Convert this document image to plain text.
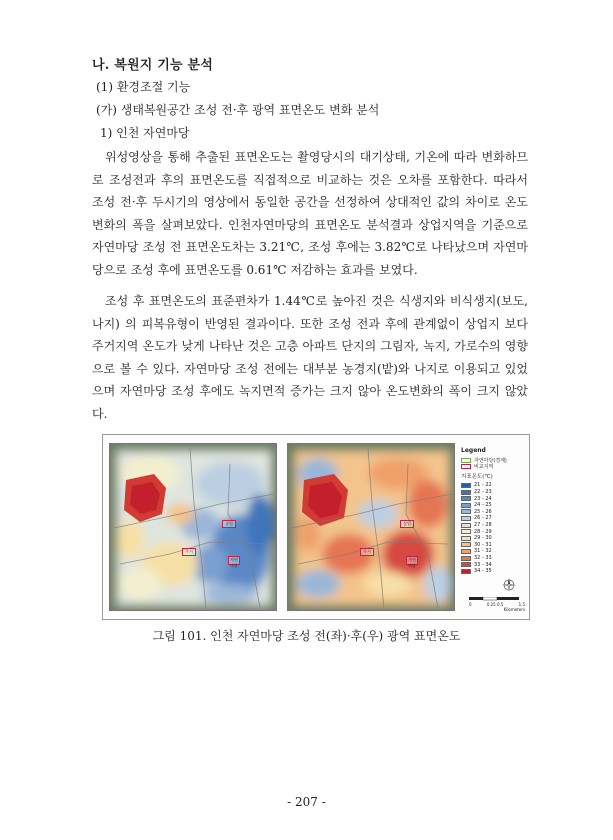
나. 복원지 기능 분석
(1) 환경조절 기능
(가) 생태복원공간 조성 전·후 광역 표면온도 변화 분석
1) 인천 자연마당

위성영상을 통해 추출된 표면온도는 촬영당시의 대기상태, 기온에 따라 변화하므로 조성전과 후의 표면온도를 직접적으로 비교하는 것은 오차를 포함한다. 따라서 조성 전·후 두시기의 영상에서 동일한 공간을 선정하여 상대적인 값의 차이로 온도변화의 폭을 살펴보았다. 인천자연마당의 표면온도 분석결과 상업지역을 기준으로 자연마당 조성 전 표면온도차는 3.21℃, 조성 후에는 3.82℃로 나타났으며 자연마당으로 조성 후에 표면온도를 0.61℃ 저감하는 효과를 보였다.

조성 후 표면온도의 표준편차가 1.44℃로 높아진 것은 식생지와 비식생지(보도, 나지) 의 피복유형이 반영된 결과이다. 또한 조성 전과 후에 관계없이 상업지 보다 주거지역 온도가 낮게 나타난 것은 고층 아파트 단지의 그림자, 녹지, 가로수의 영향으로 볼 수 있다. 자연마당 조성 전에는 대부분 농경지(밭)와 나지로 이용되고 있었으며 자연마당 조성 후에도 녹지면적 증가는 크지 않아 온도변화의 폭이 크지 않았다.

상업
주거
자연마당
상업
주거
자연마당
Legend
자연마당(경계)
비교지역
지표온도(℃)
21 - 22
22 - 23
23 - 24
24 - 25
25 - 26
26 - 27
27 - 28
28 - 29
29 - 30
30 - 31
31 - 32
32 - 33
33 - 34
34 - 35
0	0.25 0.5	1.5
Kilometers
그림 101. 인천 자연마당 조성 전(좌)·후(우) 광역 표면온도
- 207 -
